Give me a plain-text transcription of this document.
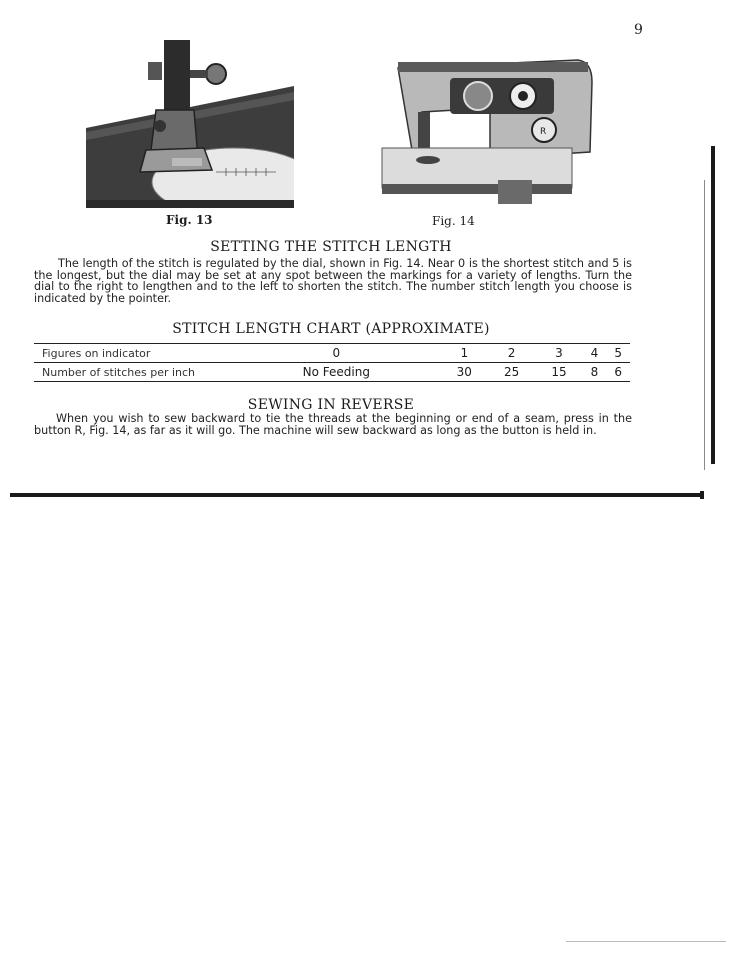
9
R
Fig. 13	Fig. 14
SETTING THE STITCH LENGTH

The length of the stitch is regulated by the dial, shown in Fig. 14. Near 0 is the shortest stitch and 5 is the longest, but the dial may be set at any spot between the markings for a variety of lengths. Turn the dial to the right to lengthen and to the left to shorten the stitch. The number stitch length you choose is indicated by the pointer.

STITCH LENGTH CHART (APPROXIMATE)
Figures on indicator	0	1	2	3	4	5
Number of stitches per inch	No Feeding	30	25	15	8	6
SEWING IN REVERSE

When you wish to sew backward to tie the threads at the beginning or end of a seam, press in the button R, Fig. 14, as far as it will go. The machine will sew backward as long as the button is held in.
